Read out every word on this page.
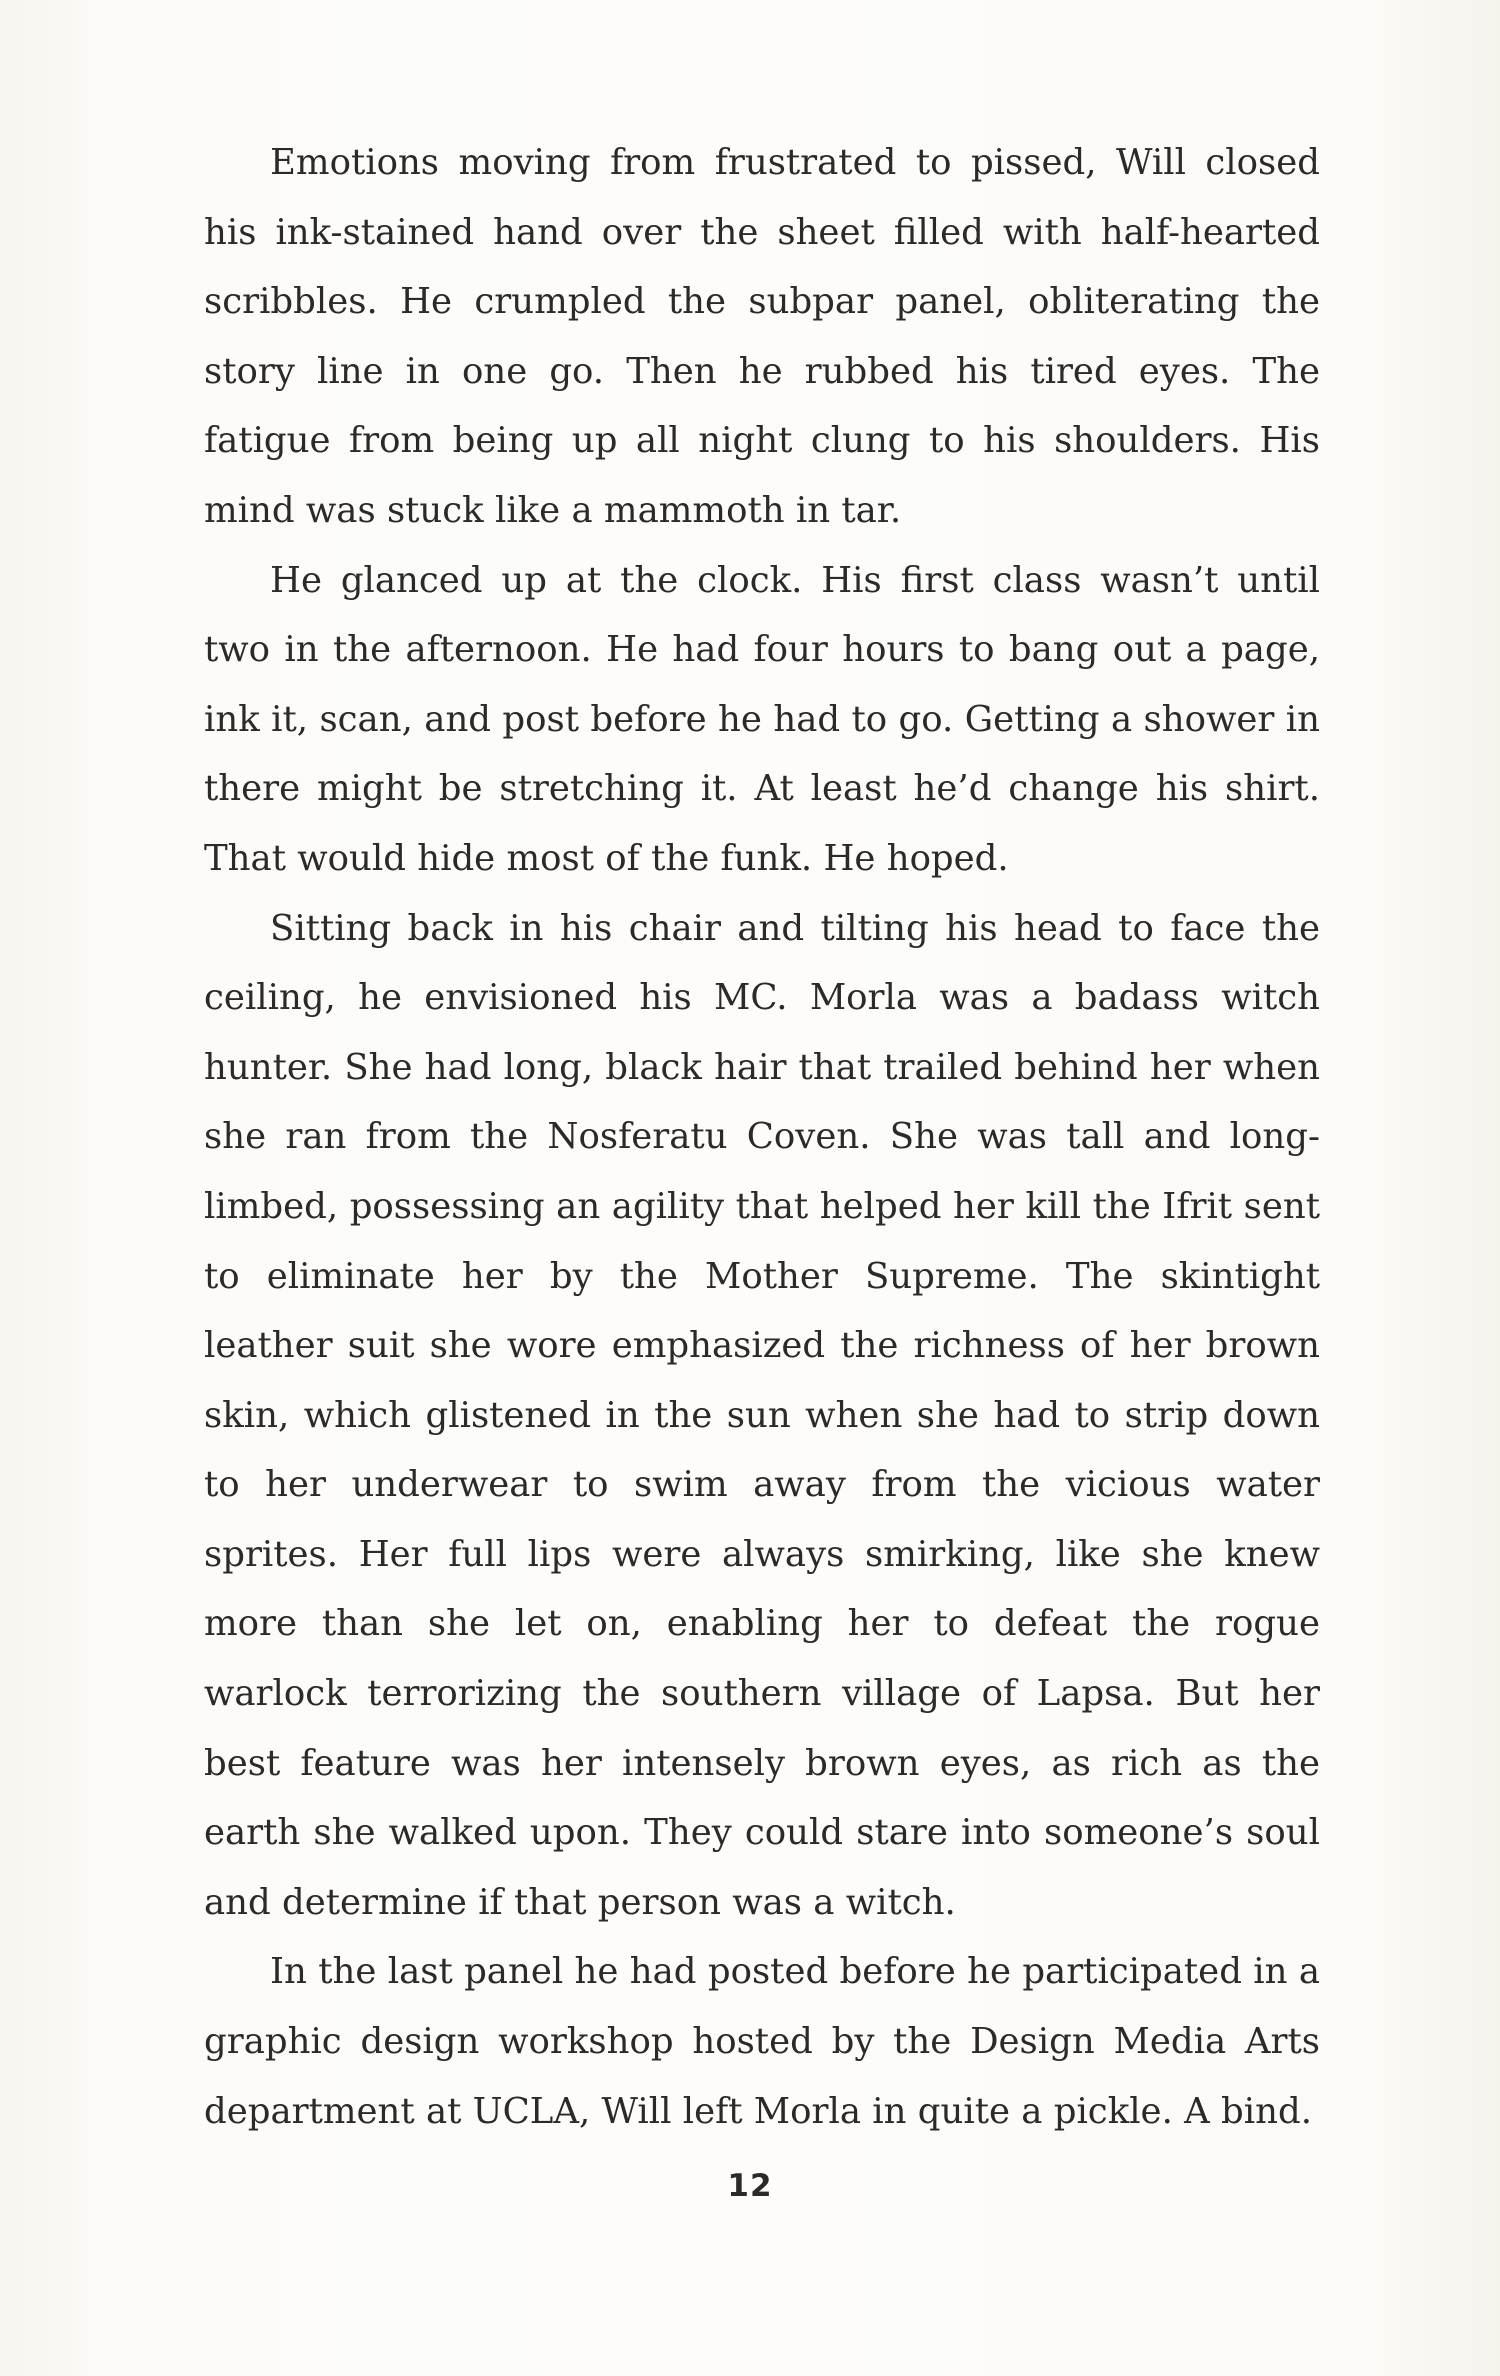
Emotions moving from frustrated to pissed, Will closed his ink-stained hand over the sheet filled with half-hearted scribbles. He crumpled the subpar panel, obliterating the story line in one go. Then he rubbed his tired eyes. The fatigue from being up all night clung to his shoulders. His mind was stuck like a mammoth in tar.

He glanced up at the clock. His first class wasn’t until two in the afternoon. He had four hours to bang out a page, ink it, scan, and post before he had to go. Getting a shower in there might be stretching it. At least he’d change his shirt. That would hide most of the funk. He hoped.

Sitting back in his chair and tilting his head to face the ceiling, he envisioned his MC. Morla was a badass witch hunter. She had long, black hair that trailed behind her when she ran from the Nosferatu Coven. She was tall and long-limbed, possessing an agility that helped her kill the Ifrit sent to eliminate her by the Mother Supreme. The skintight leather suit she wore emphasized the richness of her brown skin, which glistened in the sun when she had to strip down to her underwear to swim away from the vicious water sprites. Her full lips were always smirking, like she knew more than she let on, enabling her to defeat the rogue warlock terrorizing the southern village of Lapsa. But her best feature was her intensely brown eyes, as rich as the earth she walked upon. They could stare into someone’s soul and determine if that person was a witch.

In the last panel he had posted before he participated in a graphic design workshop hosted by the Design Media Arts department at UCLA, Will left Morla in quite a pickle. A bind.

12
